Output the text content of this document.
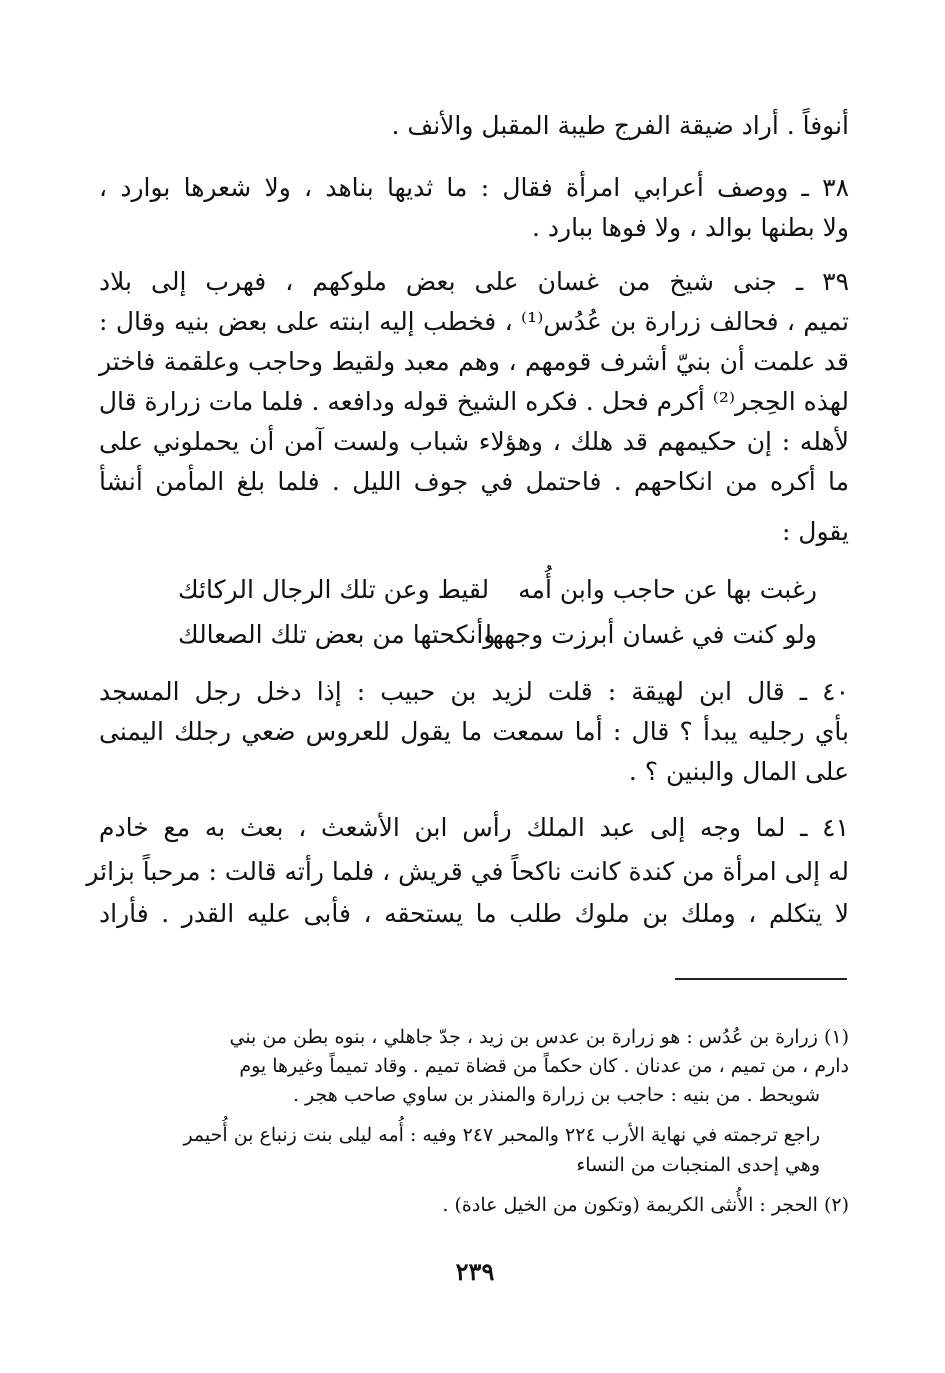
أنوفاً . أراد ضيقة الفرج طيبة المقبل والأنف .
٣٨ ـ ووصف أعرابي امرأة فقال : ما ثديها بناهد ، ولا شعرها بوارد ،
ولا بطنها بوالد ، ولا فوها ببارد .
٣٩ ـ جنى شيخ من غسان على بعض ملوكهم ، فهرب إلى بلاد
تميم ، فحالف زرارة بن عُدُس⁽¹⁾ ، فخطب إليه ابنته على بعض بنيه وقال :
قد علمت أن بنيّ أشرف قومهم ، وهم معبد ولقيط وحاجب وعلقمة فاختر
لهذه الحِجر⁽²⁾ أكرم فحل . فكره الشيخ قوله ودافعه . فلما مات زرارة قال
لأهله : إن حكيمهم قد هلك ، وهؤلاء شباب ولست آمن أن يحملوني على
ما أكره من انكاحهم . فاحتمل في جوف الليل . فلما بلغ المأمن أنشأ
يقول :
رغبت بها عن حاجب وابن أُمه
لقيط وعن تلك الرجال الركائك
ولو كنت في غسان أبرزت وجهها
وأنكحتها من بعض تلك الصعالك
٤٠ ـ قال ابن لهيقة : قلت لزيد بن حبيب : إذا دخل رجل المسجد
بأي رجليه يبدأ ؟ قال : أما سمعت ما يقول للعروس ضعي رجلك اليمنى
على المال والبنين ؟ .
٤١ ـ لما وجه إلى عبد الملك رأس ابن الأشعث ، بعث به مع خادم
له إلى امرأة من كندة كانت ناكحاً في قريش ، فلما رأته قالت : مرحباً بزائر
لا يتكلم ، وملك بن ملوك طلب ما يستحقه ، فأبى عليه القدر . فأراد
(١) زرارة بن عُدُس : هو زرارة بن عدس بن زيد ، جدّ جاهلي ، بنوه بطن من بني
دارم ، من تميم ، من عدنان . كان حكماً من قضاة تميم . وقاد تميماً وغيرها يوم
شويحط . من بنيه : حاجب بن زرارة والمنذر بن ساوي صاحب هجر .
راجع ترجمته في نهاية الأرب ٢٢٤ والمحبر ٢٤٧ وفيه : أُمه ليلى بنت زنباع بن أُحيمر
وهي إحدى المنجبات من النساء
(٢) الحجر : الأُنثى الكريمة (وتكون من الخيل عادة) .
٢٣٩
